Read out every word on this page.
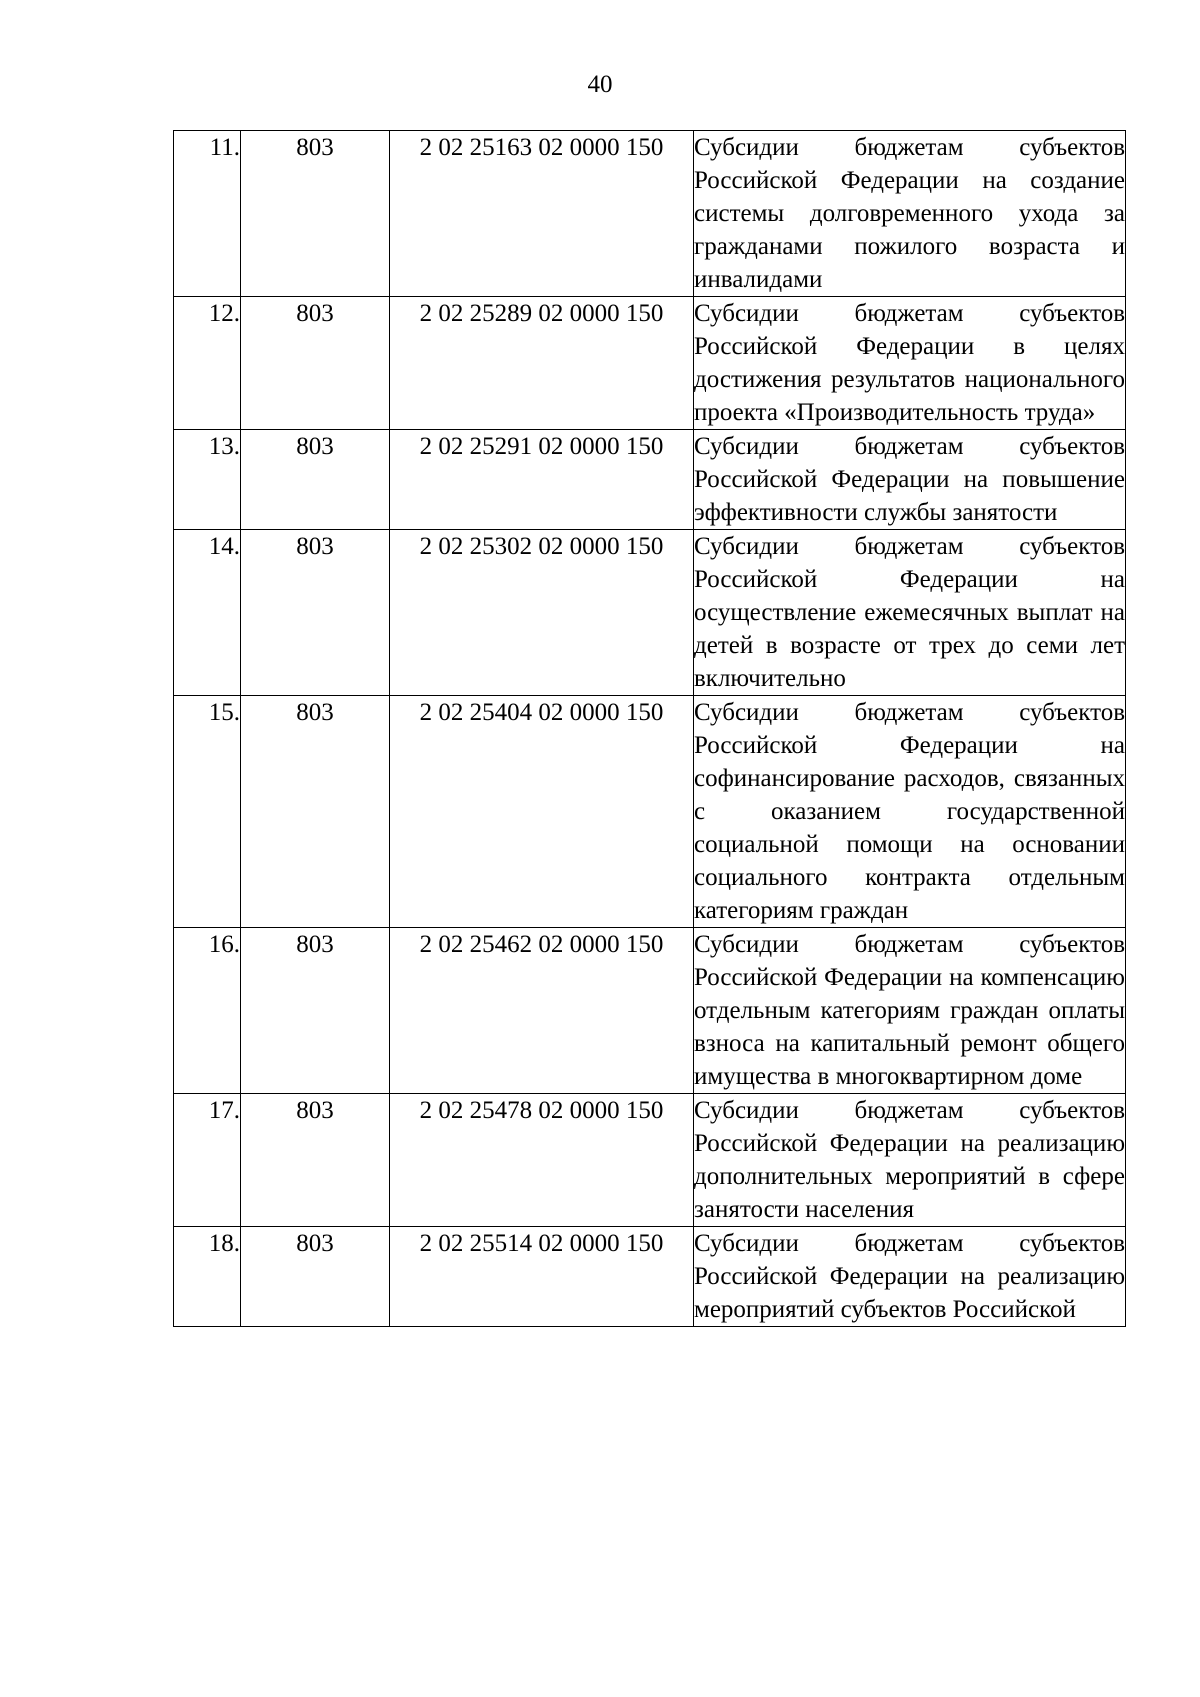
40
11.	803	2 02 25163 02 0000 150	Субсидии бюджетам субъектов Российской Федерации на создание системы долговременного ухода за гражданами пожилого возраста и инвалидами
12.	803	2 02 25289 02 0000 150	Субсидии бюджетам субъектов Российской Федерации в целях достижения результатов национального проекта «Производительность труда»
13.	803	2 02 25291 02 0000 150	Субсидии бюджетам субъектов Российской Федерации на повышение эффективности службы занятости
14.	803	2 02 25302 02 0000 150	Субсидии бюджетам субъектов Российской Федерации на осуществление ежемесячных выплат на детей в возрасте от трех до семи лет включительно
15.	803	2 02 25404 02 0000 150	Субсидии бюджетам субъектов Российской Федерации на софинансирование расходов, связанных с оказанием государственной социальной помощи на основании социального контракта отдельным категориям граждан
16.	803	2 02 25462 02 0000 150	Субсидии бюджетам субъектов Российской Федерации на компенсацию отдельным категориям граждан оплаты взноса на капитальный ремонт общего имущества в многоквартирном доме
17.	803	2 02 25478 02 0000 150	Субсидии бюджетам субъектов Российской Федерации на реализацию дополнительных мероприятий в сфере занятости населения
18.	803	2 02 25514 02 0000 150	Субсидии бюджетам субъектов Российской Федерации на реализацию мероприятий субъектов Российской
